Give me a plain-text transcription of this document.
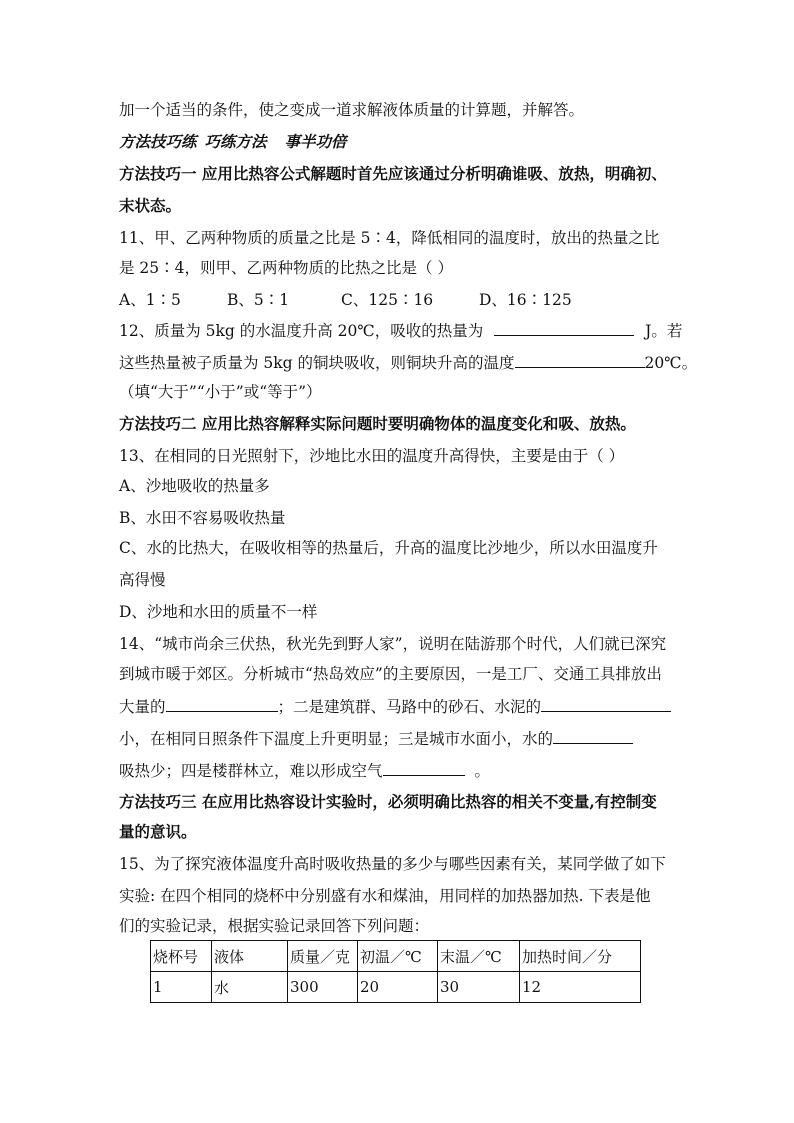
加一个适当的条件，使之变成一道求解液体质量的计算题，并解答。
方法技巧练 巧练方法 事半功倍
方法技巧一 应用比热容公式解题时首先应该通过分析明确谁吸、放热，明确初、
末状态。
11、甲、乙两种物质的质量之比是 5∶4，降低相同的温度时，放出的热量之比
是 25∶4，则甲、乙两种物质的比热之比是（ ）
A、1∶5	B、5∶1	C、125∶16	D、16∶125
12、质量为 5kg 的水温度升高 20℃，吸收的热量为	J。若
这些热量被子质量为 5kg 的铜块吸收，则铜块升高的温度	20℃。
（填“大于”“小于”或“等于”）
方法技巧二 应用比热容解释实际问题时要明确物体的温度变化和吸、放热。
13、在相同的日光照射下，沙地比水田的温度升高得快，主要是由于（ ）
A、沙地吸收的热量多
B、水田不容易吸收热量
C、水的比热大，在吸收相等的热量后，升高的温度比沙地少，所以水田温度升
高得慢
D、沙地和水田的质量不一样
14、“城市尚余三伏热，秋光先到野人家”，说明在陆游那个时代，人们就已深究
到城市暖于郊区。分析城市“热岛效应”的主要原因，一是工厂、交通工具排放出
大量的	；二是建筑群、马路中的砂石、水泥的
小，在相同日照条件下温度上升更明显；三是城市水面小，水的
吸热少；四是楼群林立，难以形成空气	。
方法技巧三 在应用比热容设计实验时，必须明确比热容的相关不变量,有控制变
量的意识。
15、为了探究液体温度升高时吸收热量的多少与哪些因素有关，某同学做了如下
实验: 在四个相同的烧杯中分别盛有水和煤油，用同样的加热器加热. 下表是他
们的实验记录，根据实验记录回答下列问题：
烧杯号	液体	质量／克	初温／℃	末温／℃	加热时间／分
1	水	300	20	30	12
